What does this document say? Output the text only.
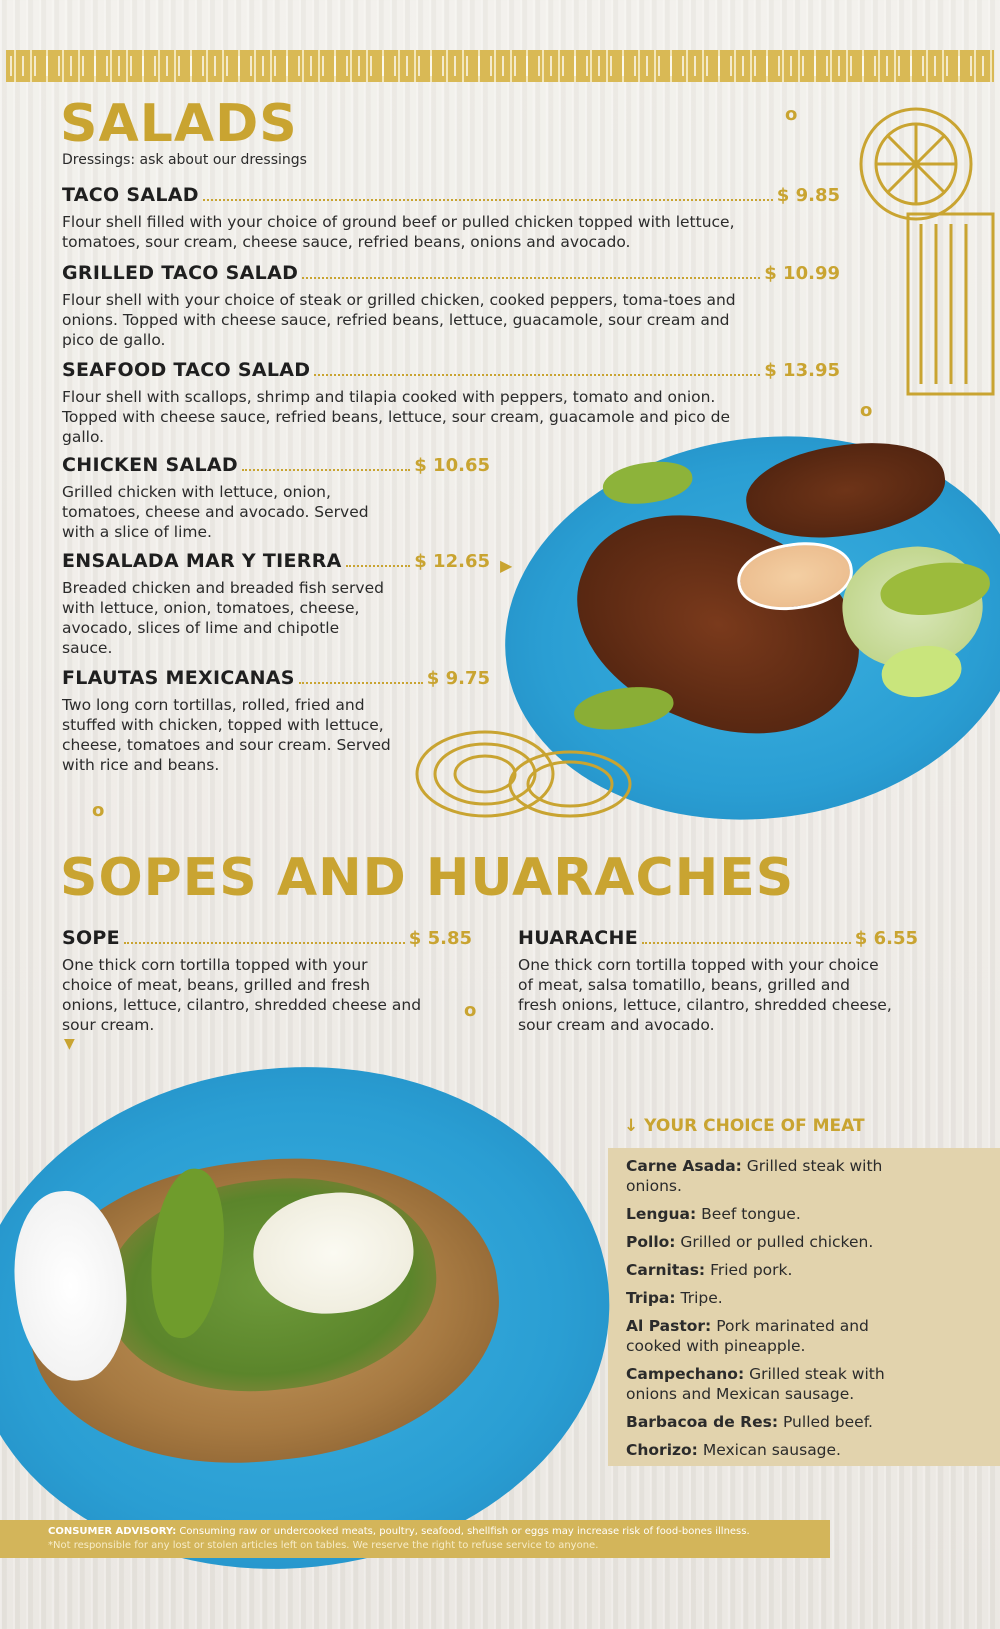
SALADS
Dressings: ask about our dressings
TACO SALAD	$ 9.85
Flour shell filled with your choice of ground beef or pulled chicken topped with lettuce, tomatoes, sour cream, cheese sauce, refried beans, onions and avocado.
GRILLED TACO SALAD	$ 10.99
Flour shell with your choice of steak or grilled chicken, cooked peppers, toma-toes and onions. Topped with cheese sauce, refried beans, lettuce, guacamole, sour cream and pico de gallo.
SEAFOOD TACO SALAD	$ 13.95
Flour shell with scallops, shrimp and tilapia cooked with peppers, tomato and onion. Topped with cheese sauce, refried beans, lettuce, sour cream, guacamole and pico de gallo.
CHICKEN SALAD	$ 10.65
Grilled chicken with lettuce, onion, tomatoes, cheese and avocado. Served with a slice of lime.
ENSALADA MAR Y TIERRA	$ 12.65
Breaded chicken and breaded fish served with lettuce, onion, tomatoes, cheese, avocado, slices of lime and chipotle sauce.
▶
FLAUTAS MEXICANAS	$ 9.75
Two long corn tortillas, rolled, fried and stuffed with chicken, topped with lettuce, cheese, tomatoes and sour cream. Served with rice and beans.
o
o
o
o
▼
SOPES AND HUARACHES
SOPE	$ 5.85
One thick corn tortilla topped with your choice of meat, beans, grilled and fresh onions, lettuce, cilantro, shredded cheese and sour cream.
HUARACHE	$ 6.55
One thick corn tortilla topped with your choice of meat, salsa tomatillo, beans, grilled and fresh onions, lettuce, cilantro, shredded cheese, sour cream and avocado.
↓ YOUR CHOICE OF MEAT
Carne Asada: Grilled steak with onions.
Lengua: Beef tongue.
Pollo: Grilled or pulled chicken.
Carnitas: Fried pork.
Tripa: Tripe.
Al Pastor: Pork marinated and cooked with pineapple.
Campechano: Grilled steak with onions and Mexican sausage.
Barbacoa de Res: Pulled beef.
Chorizo: Mexican sausage.
CONSUMER ADVISORY: Consuming raw or undercooked meats, poultry, seafood, shellfish or eggs may increase risk of food-bones illness.
*Not responsible for any lost or stolen articles left on tables. We reserve the right to refuse service to anyone.
